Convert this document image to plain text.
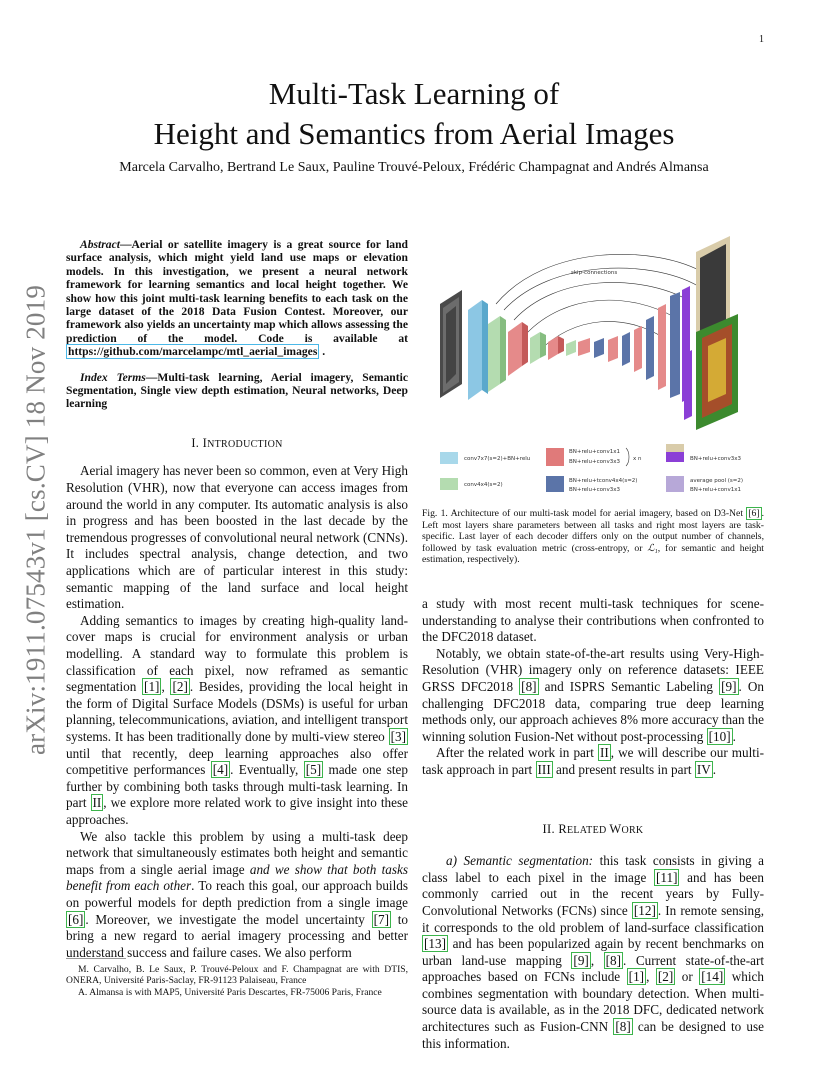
1
arXiv:1911.07543v1 [cs.CV] 18 Nov 2019
Multi-Task Learning of
Height and Semantics from Aerial Images
Marcela Carvalho, Bertrand Le Saux, Pauline Trouvé-Peloux, Frédéric Champagnat and Andrés Almansa

Abstract—Aerial or satellite imagery is a great source for land surface analysis, which might yield land use maps or elevation models. In this investigation, we present a neural network framework for learning semantics and local height together. We show how this joint multi-task learning benefits to each task on the large dataset of the 2018 Data Fusion Contest. Moreover, our framework also yields an uncertainty map which allows assessing the prediction of the model. Code is available at https://github.com/marcelampc/mtl_aerial_images .

Index Terms—Multi-task learning, Aerial imagery, Semantic Segmentation, Single view depth estimation, Neural networks, Deep learning

I. INTRODUCTION

Aerial imagery has never been so common, even at Very High Resolution (VHR), now that everyone can access images from around the world in any computer. Its automatic analysis is also in progress and has been boosted in the last decade by the tremendous progresses of convolutional neural network (CNNs). It includes spectral analysis, change detection, and two applications which are of particular interest in this study: semantic mapping of the land surface and local height estimation.

Adding semantics to images by creating high-quality land-cover maps is crucial for environment analysis or urban modelling. A standard way to formulate this problem is classification of each pixel, now reframed as semantic segmentation [1] , [2] . Besides, providing the local height in the form of Digital Surface Models (DSMs) is useful for urban planning, telecommunications, aviation, and intelligent transport systems. It has been traditionally done by multi-view stereo [3] until that recently, deep learning approaches also offer competitive performances [4] . Eventually, [5] made one step further by combining both tasks through multi-task learning. In part II , we explore more related work to give insight into these approaches.

We also tackle this problem by using a multi-task deep network that simultaneously estimates both height and semantic maps from a single aerial image and we show that both tasks benefit from each other. To reach this goal, our approach builds on powerful models for depth prediction from a single image [6] . Moreover, we investigate the model uncertainty [7] to bring a new regard to aerial imagery processing and better understand success and failure cases. We also perform

M. Carvalho, B. Le Saux, P. Trouvé-Peloux and F. Champagnat are with DTIS, ONERA, Université Paris-Saclay, FR-91123 Palaiseau, France

A. Almansa is with MAP5, Université Paris Descartes, FR-75006 Paris, France

skip-connections
conv7x7(s=2)+BN+relu
conv4x4(s=2)
BN+relu+conv1x1
BN+relu+conv3x3 x n
BN+relu+tconv4x4(s=2)
BN+relu+conv3x3
BN+relu+conv3x3
average pool (s=2)
BN+relu+conv1x1
Fig. 1. Architecture of our multi-task model for aerial imagery, based on D3-Net [6] . Left most layers share parameters between all tasks and right most layers are task-specific. Last layer of each decoder differs only on the output number of channels, followed by task evaluation metric (cross-entropy, or ℒ₁, for semantic and height estimation, respectively).

a study with most recent multi-task techniques for scene-understanding to analyse their contributions when confronted to the DFC2018 dataset.

Notably, we obtain state-of-the-art results using Very-High-Resolution (VHR) imagery only on reference datasets: IEEE GRSS DFC2018 [8] and ISPRS Semantic Labeling [9] . On challenging DFC2018 data, comparing true deep learning methods only, our approach achieves 8% more accuracy than the winning solution Fusion-Net without post-processing [10] .

After the related work in part II , we will describe our multi-task approach in part III and present results in part IV .

II. RELATED WORK

a) Semantic segmentation: this task consists in giving a class label to each pixel in the image [11] and has been commonly carried out in the recent years by Fully-Convolutional Networks (FCNs) since [12] . In remote sensing, it corresponds to the old problem of land-surface classification [13] and has been popularized again by recent benchmarks on urban land-use mapping [9] , [8] . Current state-of-the-art approaches based on FCNs include [1] , [2] or [14] which combines segmentation with boundary detection. When multi-source data is available, as in the 2018 DFC, dedicated network architectures such as Fusion-CNN [8] can be designed to use this information.
